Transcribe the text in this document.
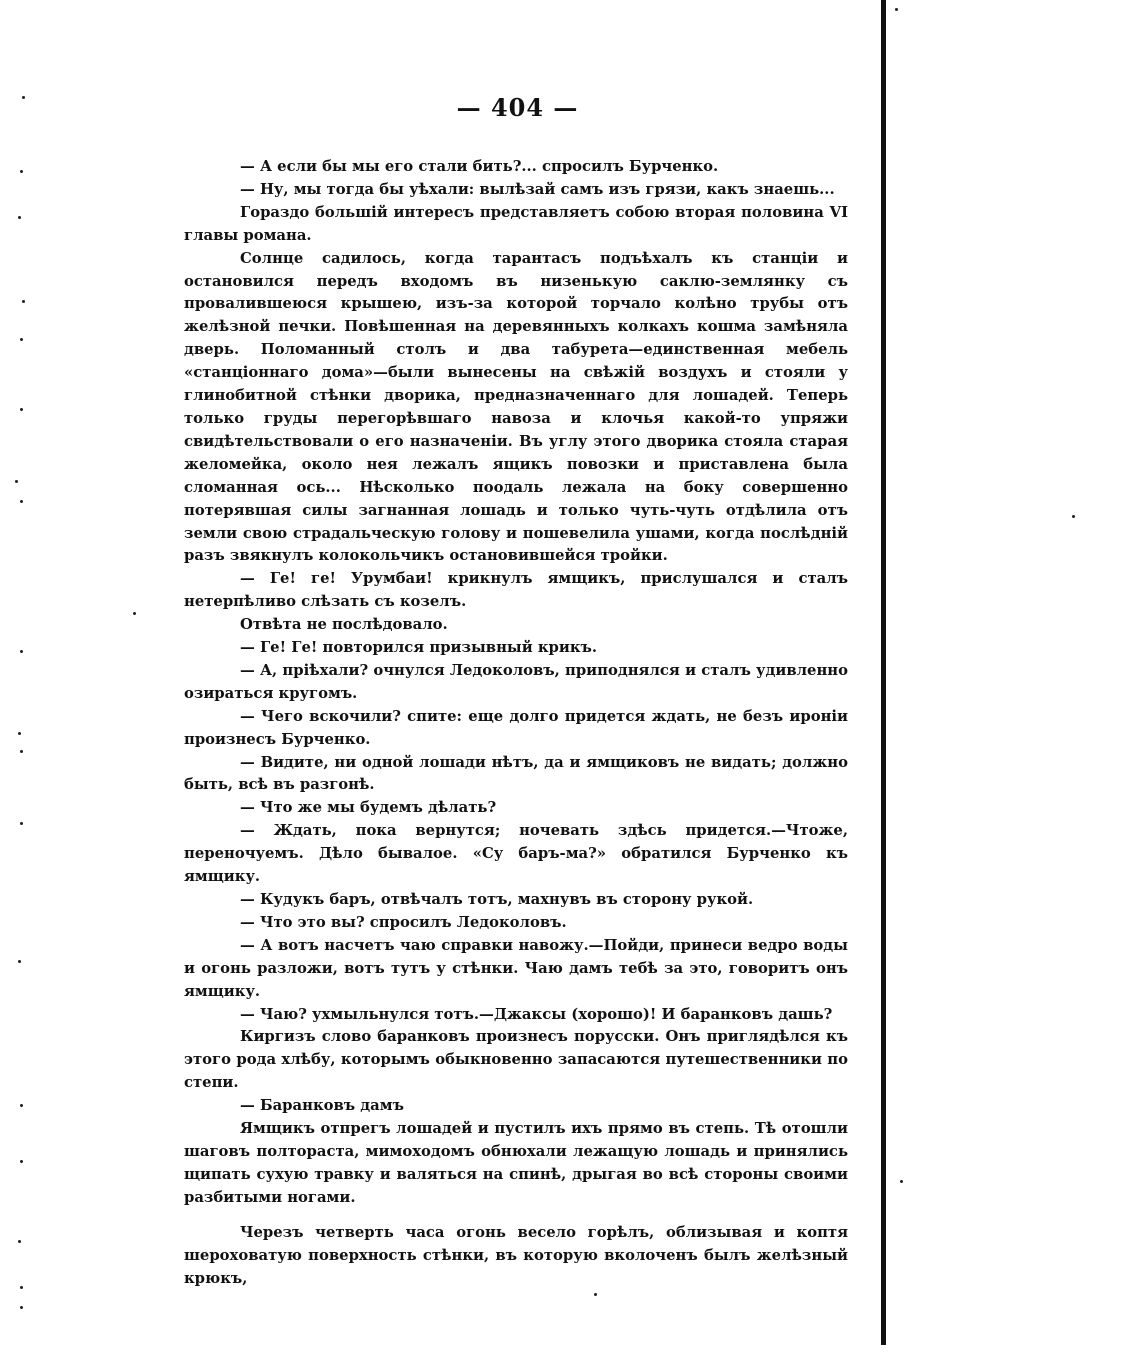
— 404 —

— А если бы мы его стали бить?... спросилъ Бурченко.

— Ну, мы тогда бы уѣхали: вылѣзай самъ изъ грязи, какъ знаешь...

Гораздо большій интересъ представляетъ собою вторая половина VI главы романа.

Солнце садилось, когда тарантасъ подъѣхалъ къ станціи и остановился передъ входомъ въ низенькую саклю-землянку съ провалившеюся крышею, изъ-за которой торчало колѣно трубы отъ желѣзной печки. Повѣшенная на деревянныхъ колкахъ кошма замѣняла дверь. Поломанный столъ и два табурета—единственная мебель «станціоннаго дома»—были вынесены на свѣжій воздухъ и стояли у глинобитной стѣнки дворика, предназначеннаго для лошадей. Теперь только груды перегорѣвшаго навоза и клочья какой-то упряжи свидѣтельствовали о его назначеніи. Въ углу этого дворика стояла старая желомейка, около нея лежалъ ящикъ повозки и приставлена была сломанная ось... Нѣсколько поодаль лежала на боку совершенно потерявшая силы загнанная лошадь и только чуть-чуть отдѣлила отъ земли свою страдальческую голову и пошевелила ушами, когда послѣдній разъ звякнулъ колокольчикъ остановившейся тройки.

— Ге! ге! Урумбаи! крикнулъ ямщикъ, прислушался и сталъ нетерпѣливо слѣзать съ козелъ.

Отвѣта не послѣдовало.

— Ге! Ге! повторился призывный крикъ.

— А, пріѣхали? очнулся Ледоколовъ, приподнялся и сталъ удивленно озираться кругомъ.

— Чего вскочили? спите: еще долго придется ждать, не безъ ироніи произнесъ Бурченко.

— Видите, ни одной лошади нѣтъ, да и ямщиковъ не видать; должно быть, всѣ въ разгонѣ.

— Что же мы будемъ дѣлать?

— Ждать, пока вернутся; ночевать здѣсь придется.—Чтоже, переночуемъ. Дѣло бывалое. «Су баръ-ма?» обратился Бурченко къ ямщику.

— Кудукъ баръ, отвѣчалъ тотъ, махнувъ въ сторону рукой.

— Что это вы? спросилъ Ледоколовъ.

— А вотъ насчетъ чаю справки навожу.—Пойди, принеси ведро воды и огонь разложи, вотъ тутъ у стѣнки. Чаю дамъ тебѣ за это, говоритъ онъ ямщику.

— Чаю? ухмыльнулся тотъ.—Джаксы (хорошо)! И баранковъ дашь?

Киргизъ слово баранковъ произнесъ порусски. Онъ приглядѣлся къ этого рода хлѣбу, которымъ обыкновенно запасаются путешественники по степи.

— Баранковъ дамъ

Ямщикъ отпрегъ лошадей и пустилъ ихъ прямо въ степь. Тѣ отошли шаговъ полтораста, мимоходомъ обнюхали лежащую лошадь и принялись щипать сухую травку и валяться на спинѣ, дрыгая во всѣ стороны своими разбитыми ногами.

Черезъ четверть часа огонь весело горѣлъ, облизывая и коптя шероховатую поверхность стѣнки, въ которую вколоченъ былъ желѣзный крюкъ,
